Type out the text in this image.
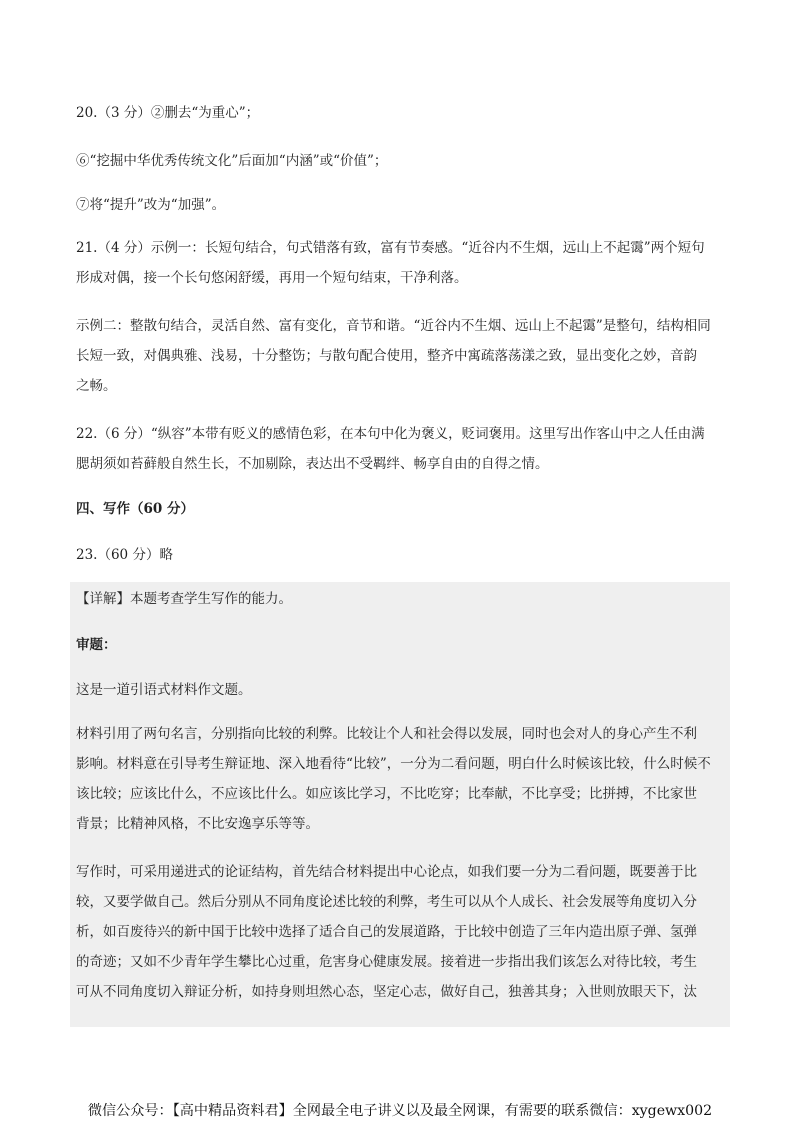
20.（3 分）②删去“为重心”；
⑥“挖掘中华优秀传统文化”后面加“内涵”或“价值”；
⑦将“提升”改为“加强”。
21.（4 分）示例一：长短句结合，句式错落有致，富有节奏感。“近谷内不生烟，远山上不起霭”两个短句
形成对偶，接一个长句悠闲舒缓，再用一个短句结束，干净利落。
示例二：整散句结合，灵活自然、富有变化，音节和谐。“近谷内不生烟、远山上不起霭”是整句，结构相同
长短一致，对偶典雅、浅易，十分整饬；与散句配合使用，整齐中寓疏落荡漾之致，显出变化之妙，音韵
之畅。
22.（6 分）“纵容”本带有贬义的感情色彩，在本句中化为褒义，贬词褒用。这里写出作客山中之人任由满
腮胡须如苔藓般自然生长，不加剔除，表达出不受羁绊、畅享自由的自得之情。
四、写作（60 分）
23.（60 分）略
【详解】本题考查学生写作的能力。
审题：
这是一道引语式材料作文题。
材料引用了两句名言，分别指向比较的利弊。比较让个人和社会得以发展，同时也会对人的身心产生不利
影响。材料意在引导考生辩证地、深入地看待“比较”，一分为二看问题，明白什么时候该比较，什么时候不
该比较；应该比什么，不应该比什么。如应该比学习，不比吃穿；比奉献，不比享受；比拼搏，不比家世
背景；比精神风格，不比安逸享乐等等。
写作时，可采用递进式的论证结构，首先结合材料提出中心论点，如我们要一分为二看问题，既要善于比
较，又要学做自己。然后分别从不同角度论述比较的利弊，考生可以从个人成长、社会发展等角度切入分
析，如百废待兴的新中国于比较中选择了适合自己的发展道路，于比较中创造了三年内造出原子弹、氢弹
的奇迹；又如不少青年学生攀比心过重，危害身心健康发展。接着进一步指出我们该怎么对待比较，考生
可从不同角度切入辩证分析，如持身则坦然心态，坚定心志，做好自己，独善其身；入世则放眼天下，汰
微信公众号：【高中精品资料君】全网最全电子讲义以及最全网课，有需要的联系微信：xygewx002
